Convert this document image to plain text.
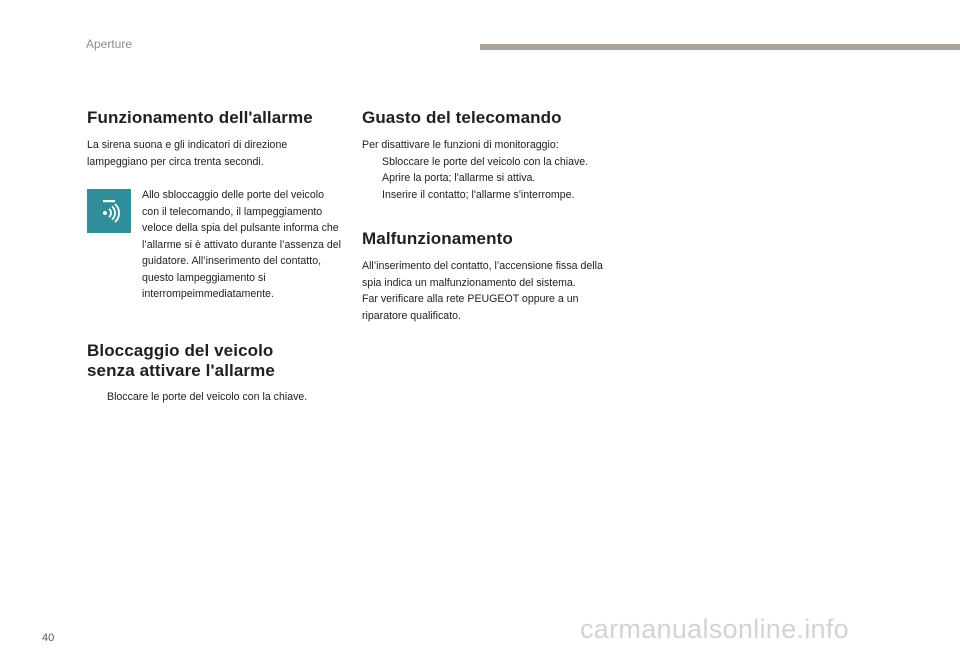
Aperture
Funzionamento dell'allarme

La sirena suona e gli indicatori di direzione lampeggiano per circa trenta secondi.

Allo sbloccaggio delle porte del veicolo con il telecomando, il lampeggiamento veloce della spia del pulsante informa che l’allarme si è attivato durante l’assenza del guidatore. All’inserimento del contatto, questo lampeggiamento si interrompeimmediatamente.

Bloccaggio del veicolo
senza attivare l'allarme
Bloccare le porte del veicolo con la chiave.
Guasto del telecomando

Per disattivare le funzioni di monitoraggio:

Sbloccare le porte del veicolo con la chiave.
Aprire la porta; l'allarme si attiva.
Inserire il contatto; l'allarme s'interrompe.
Malfunzionamento

All’inserimento del contatto, l’accensione fissa della spia indica un malfunzionamento del sistema.

Far verificare alla rete PEUGEOT oppure a un riparatore qualificato.

40	carmanualsonline.info
